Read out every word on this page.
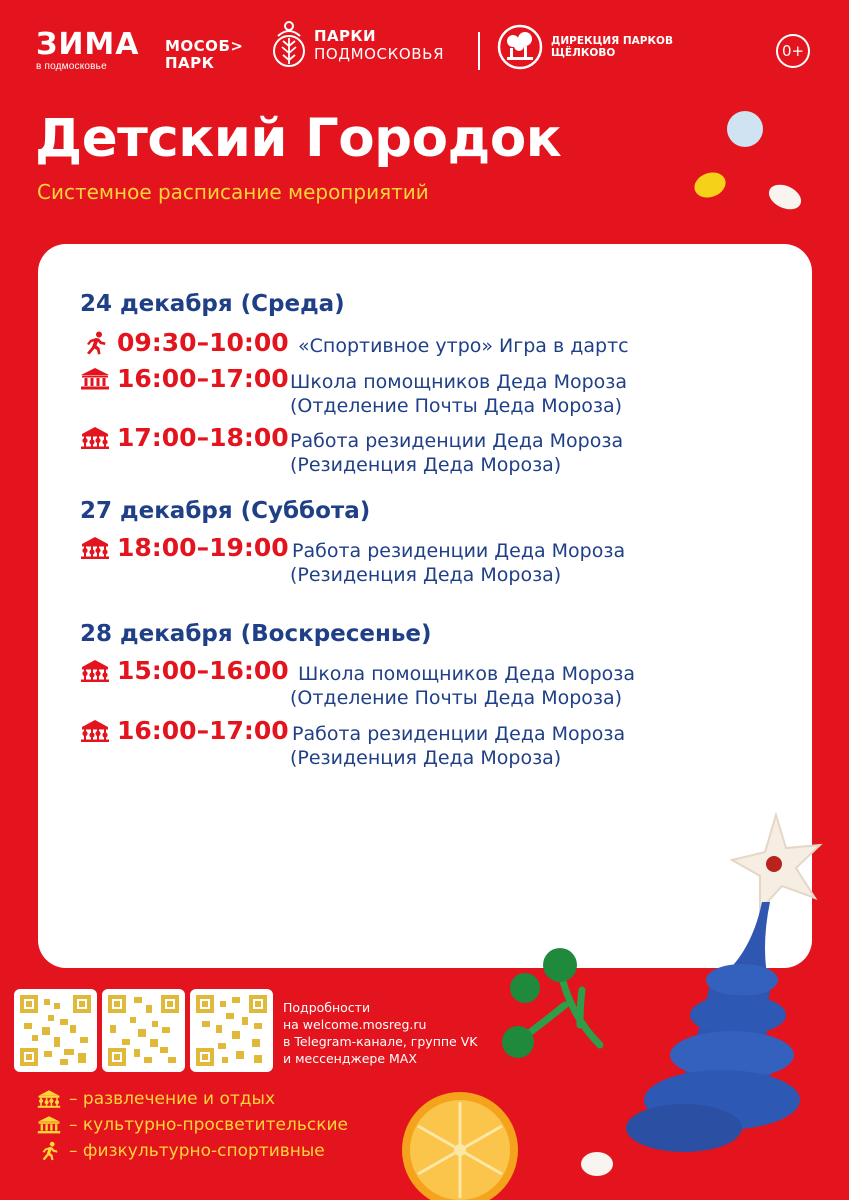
ЗИМА
в подмосковье
МОСОБ>
ПАРК
ПАРКИ
ПОДМОСКОВЬЯ
ДИРЕКЦИЯ ПАРКОВ
ЩЁЛКОВО	0+
Детский Городок
Системное расписание мероприятий
24 декабря (Среда)
09:30–10:00 «Спортивное утро» Игра в дартс
16:00–17:00 Школа помощников Деда Мороза
(Отделение Почты Деда Мороза)
17:00–18:00 Работа резиденции Деда Мороза
(Резиденция Деда Мороза)
27 декабря (Суббота)
18:00–19:00 Работа резиденции Деда Мороза
(Резиденция Деда Мороза)
28 декабря (Воскресенье)
15:00–16:00 Школа помощников Деда Мороза
(Отделение Почты Деда Мороза)
16:00–17:00 Работа резиденции Деда Мороза
(Резиденция Деда Мороза)
Подробности
на welcome.mosreg.ru
в Telegram-канале, группе VK
и мессенджере MAX
– развлечение и отдых
– культурно-просветительские
– физкультурно-спортивные
